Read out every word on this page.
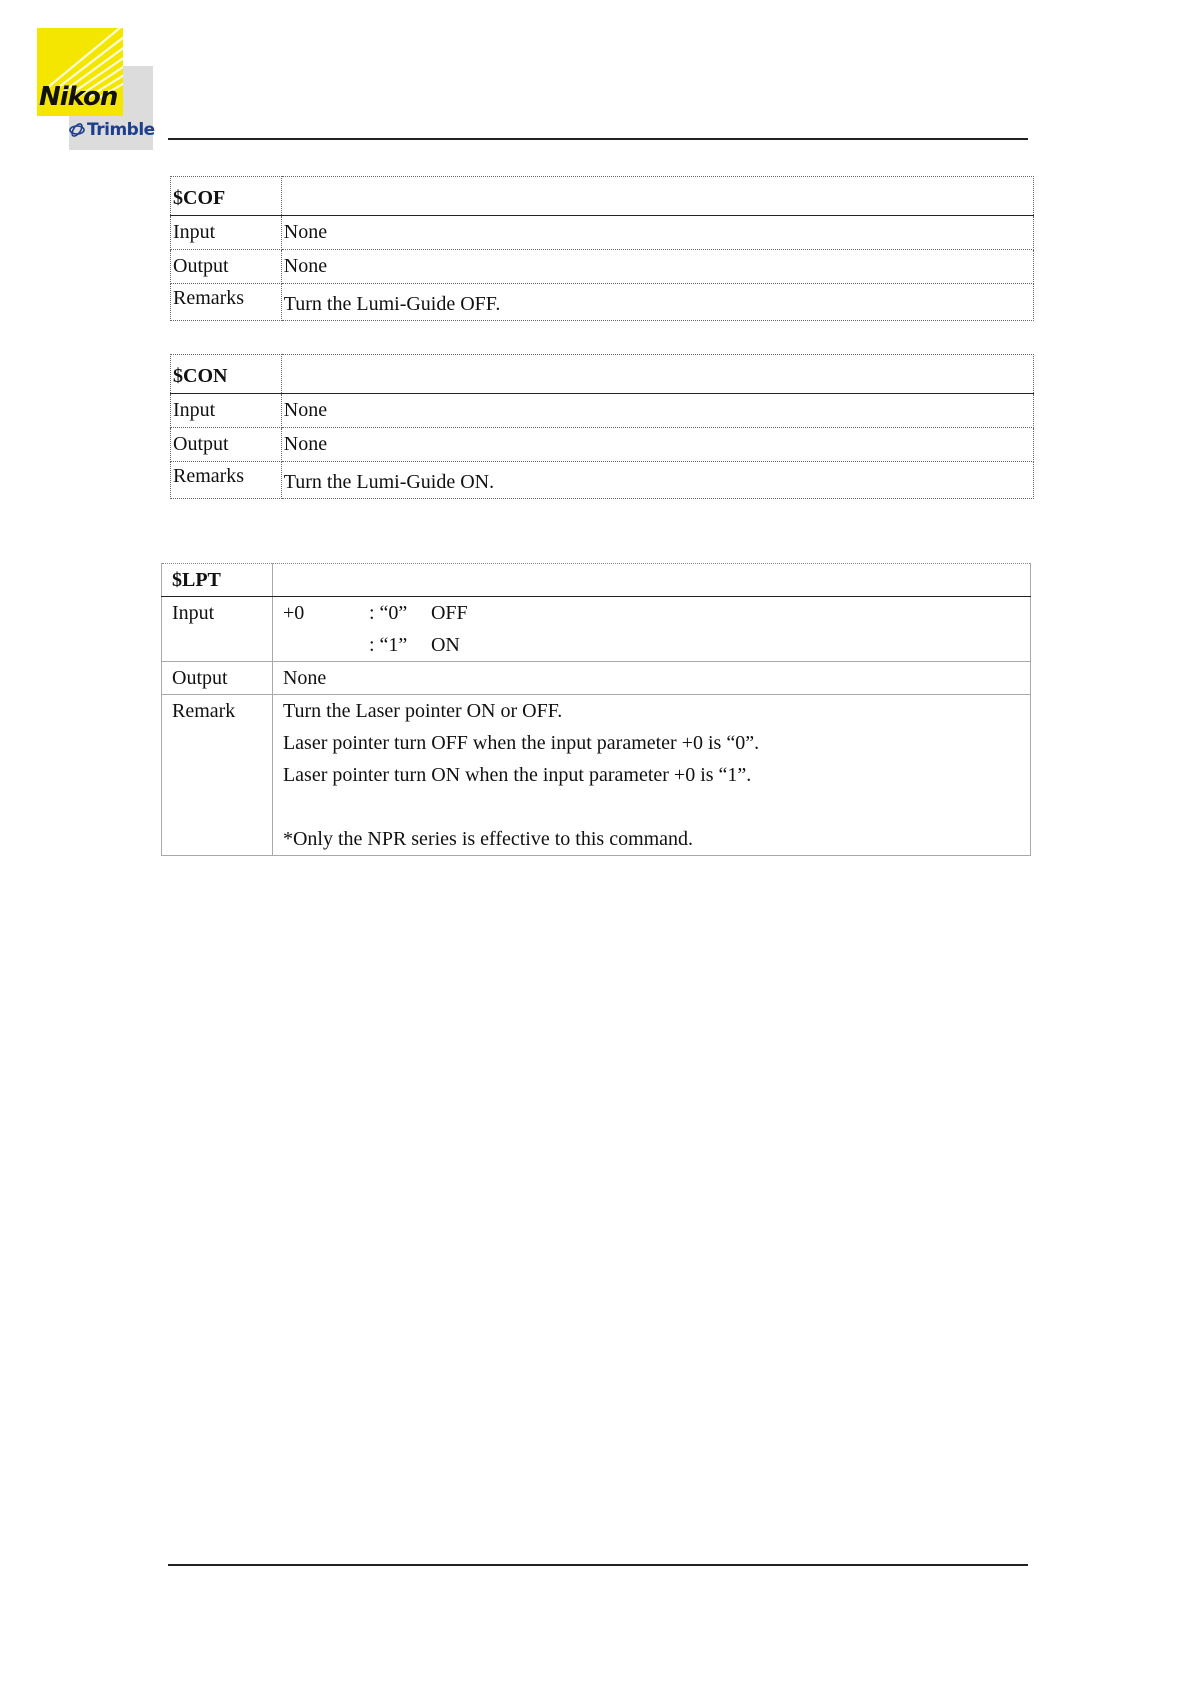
Nikon
Trimble
$COF	
Input	None
Output	None
Remarks	Turn the Lumi-Guide OFF.
$CON	
Input	None
Output	None
Remarks	Turn the Lumi-Guide ON.
$LPT	
Input	+0 : “0” OFF
: “1” ON

Output	None
Remark	Turn the Laser pointer ON or OFF.
Laser pointer turn OFF when the input parameter +0 is “0”.
Laser pointer turn ON when the input parameter +0 is “1”.
*Only the NPR series is effective to this command.
